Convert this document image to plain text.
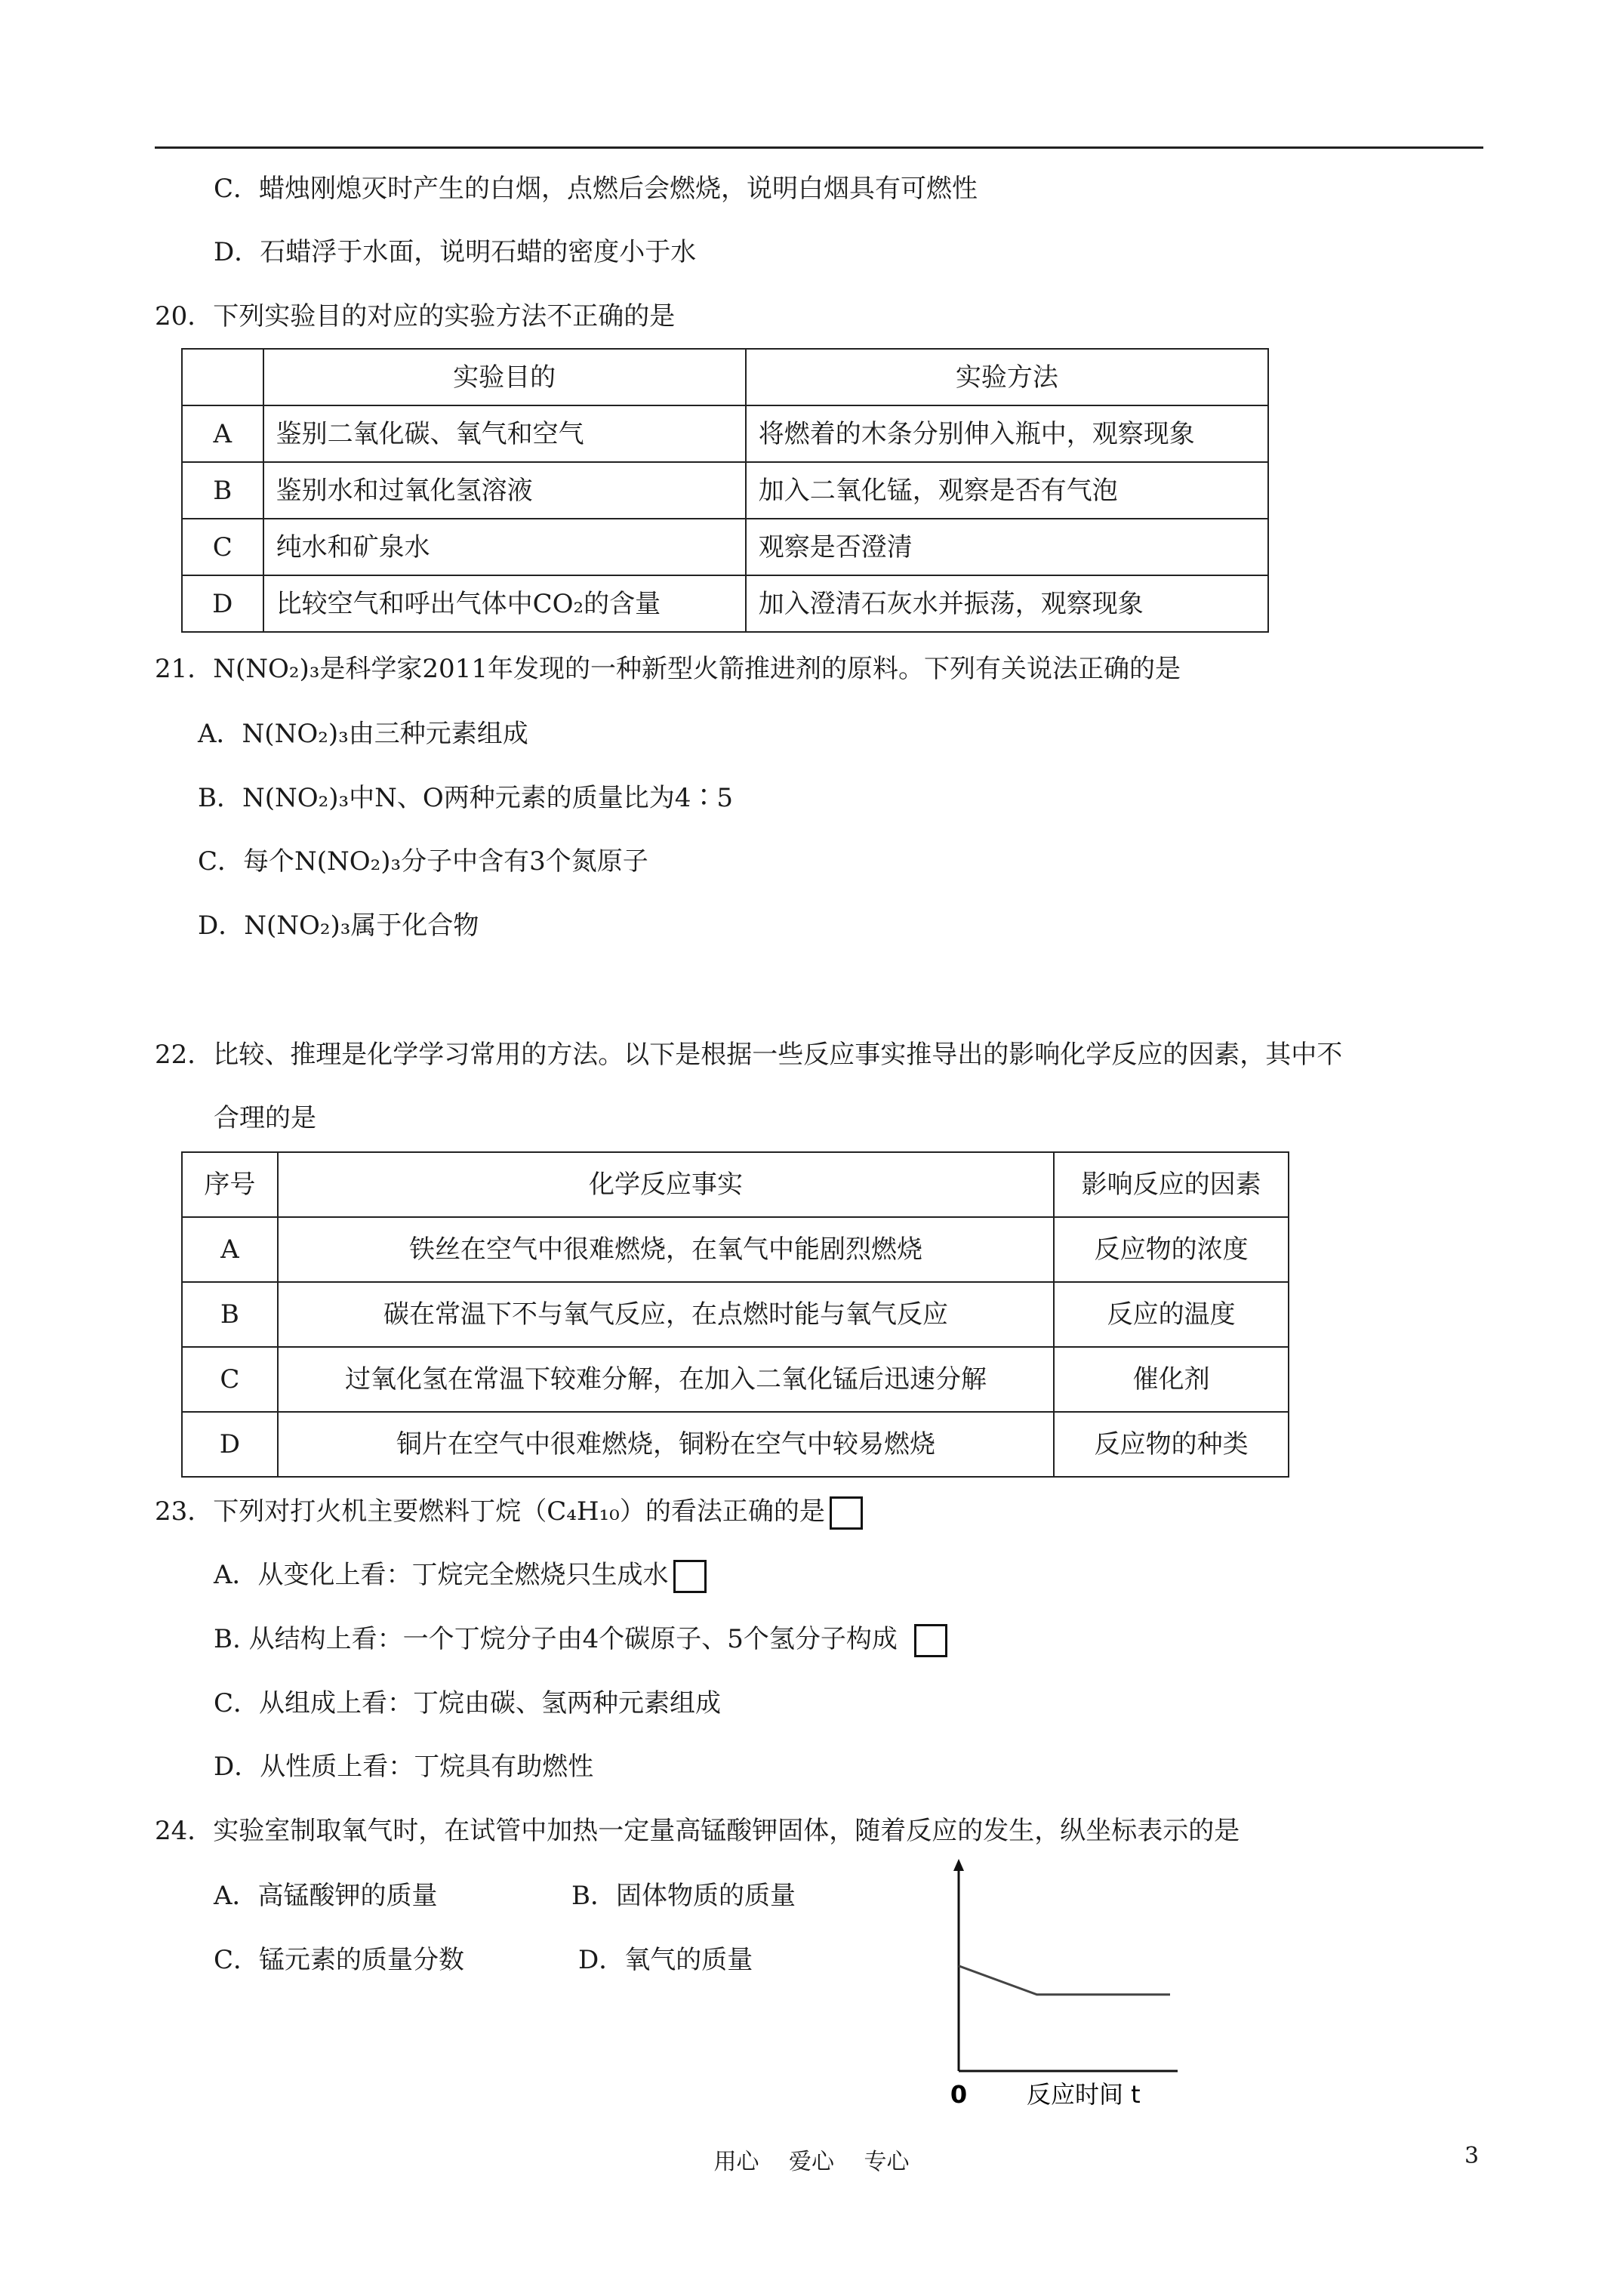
C．蜡烛刚熄灭时产生的白烟，点燃后会燃烧，说明白烟具有可燃性
D．石蜡浮于水面，说明石蜡的密度小于水
20．下列实验目的对应的实验方法不正确的是
	实验目的	实验方法
A	鉴别二氧化碳、氧气和空气	将燃着的木条分别伸入瓶中，观察现象
B	鉴别水和过氧化氢溶液	加入二氧化锰，观察是否有气泡
C	纯水和矿泉水	观察是否澄清
D	比较空气和呼出气体中CO₂的含量	加入澄清石灰水并振荡，观察现象
21．N(NO₂)₃是科学家2011年发现的一种新型火箭推进剂的原料。下列有关说法正确的是
A．N(NO₂)₃由三种元素组成
B．N(NO₂)₃中N、O两种元素的质量比为4∶5
C．每个N(NO₂)₃分子中含有3个氮原子
D．N(NO₂)₃属于化合物
22．比较、推理是化学学习常用的方法。以下是根据一些反应事实推导出的影响化学反应的因素，其中不
合理的是
序号	化学反应事实	影响反应的因素
A	铁丝在空气中很难燃烧，在氧气中能剧烈燃烧	反应物的浓度
B	碳在常温下不与氧气反应，在点燃时能与氧气反应	反应的温度
C	过氧化氢在常温下较难分解，在加入二氧化锰后迅速分解	催化剂
D	铜片在空气中很难燃烧，铜粉在空气中较易燃烧	反应物的种类
23．下列对打火机主要燃料丁烷（C₄H₁₀）的看法正确的是
A．从变化上看：丁烷完全燃烧只生成水
B. 从结构上看：一个丁烷分子由4个碳原子、5个氢分子构成
C．从组成上看：丁烷由碳、氢两种元素组成
D．从性质上看：丁烷具有助燃性
24．实验室制取氧气时，在试管中加热一定量高锰酸钾固体，随着反应的发生，纵坐标表示的是
A．高锰酸钾的质量	B．固体物质的质量
C．锰元素的质量分数	D．氧气的质量
0 反应时间 t
用心 爱心 专心	3
